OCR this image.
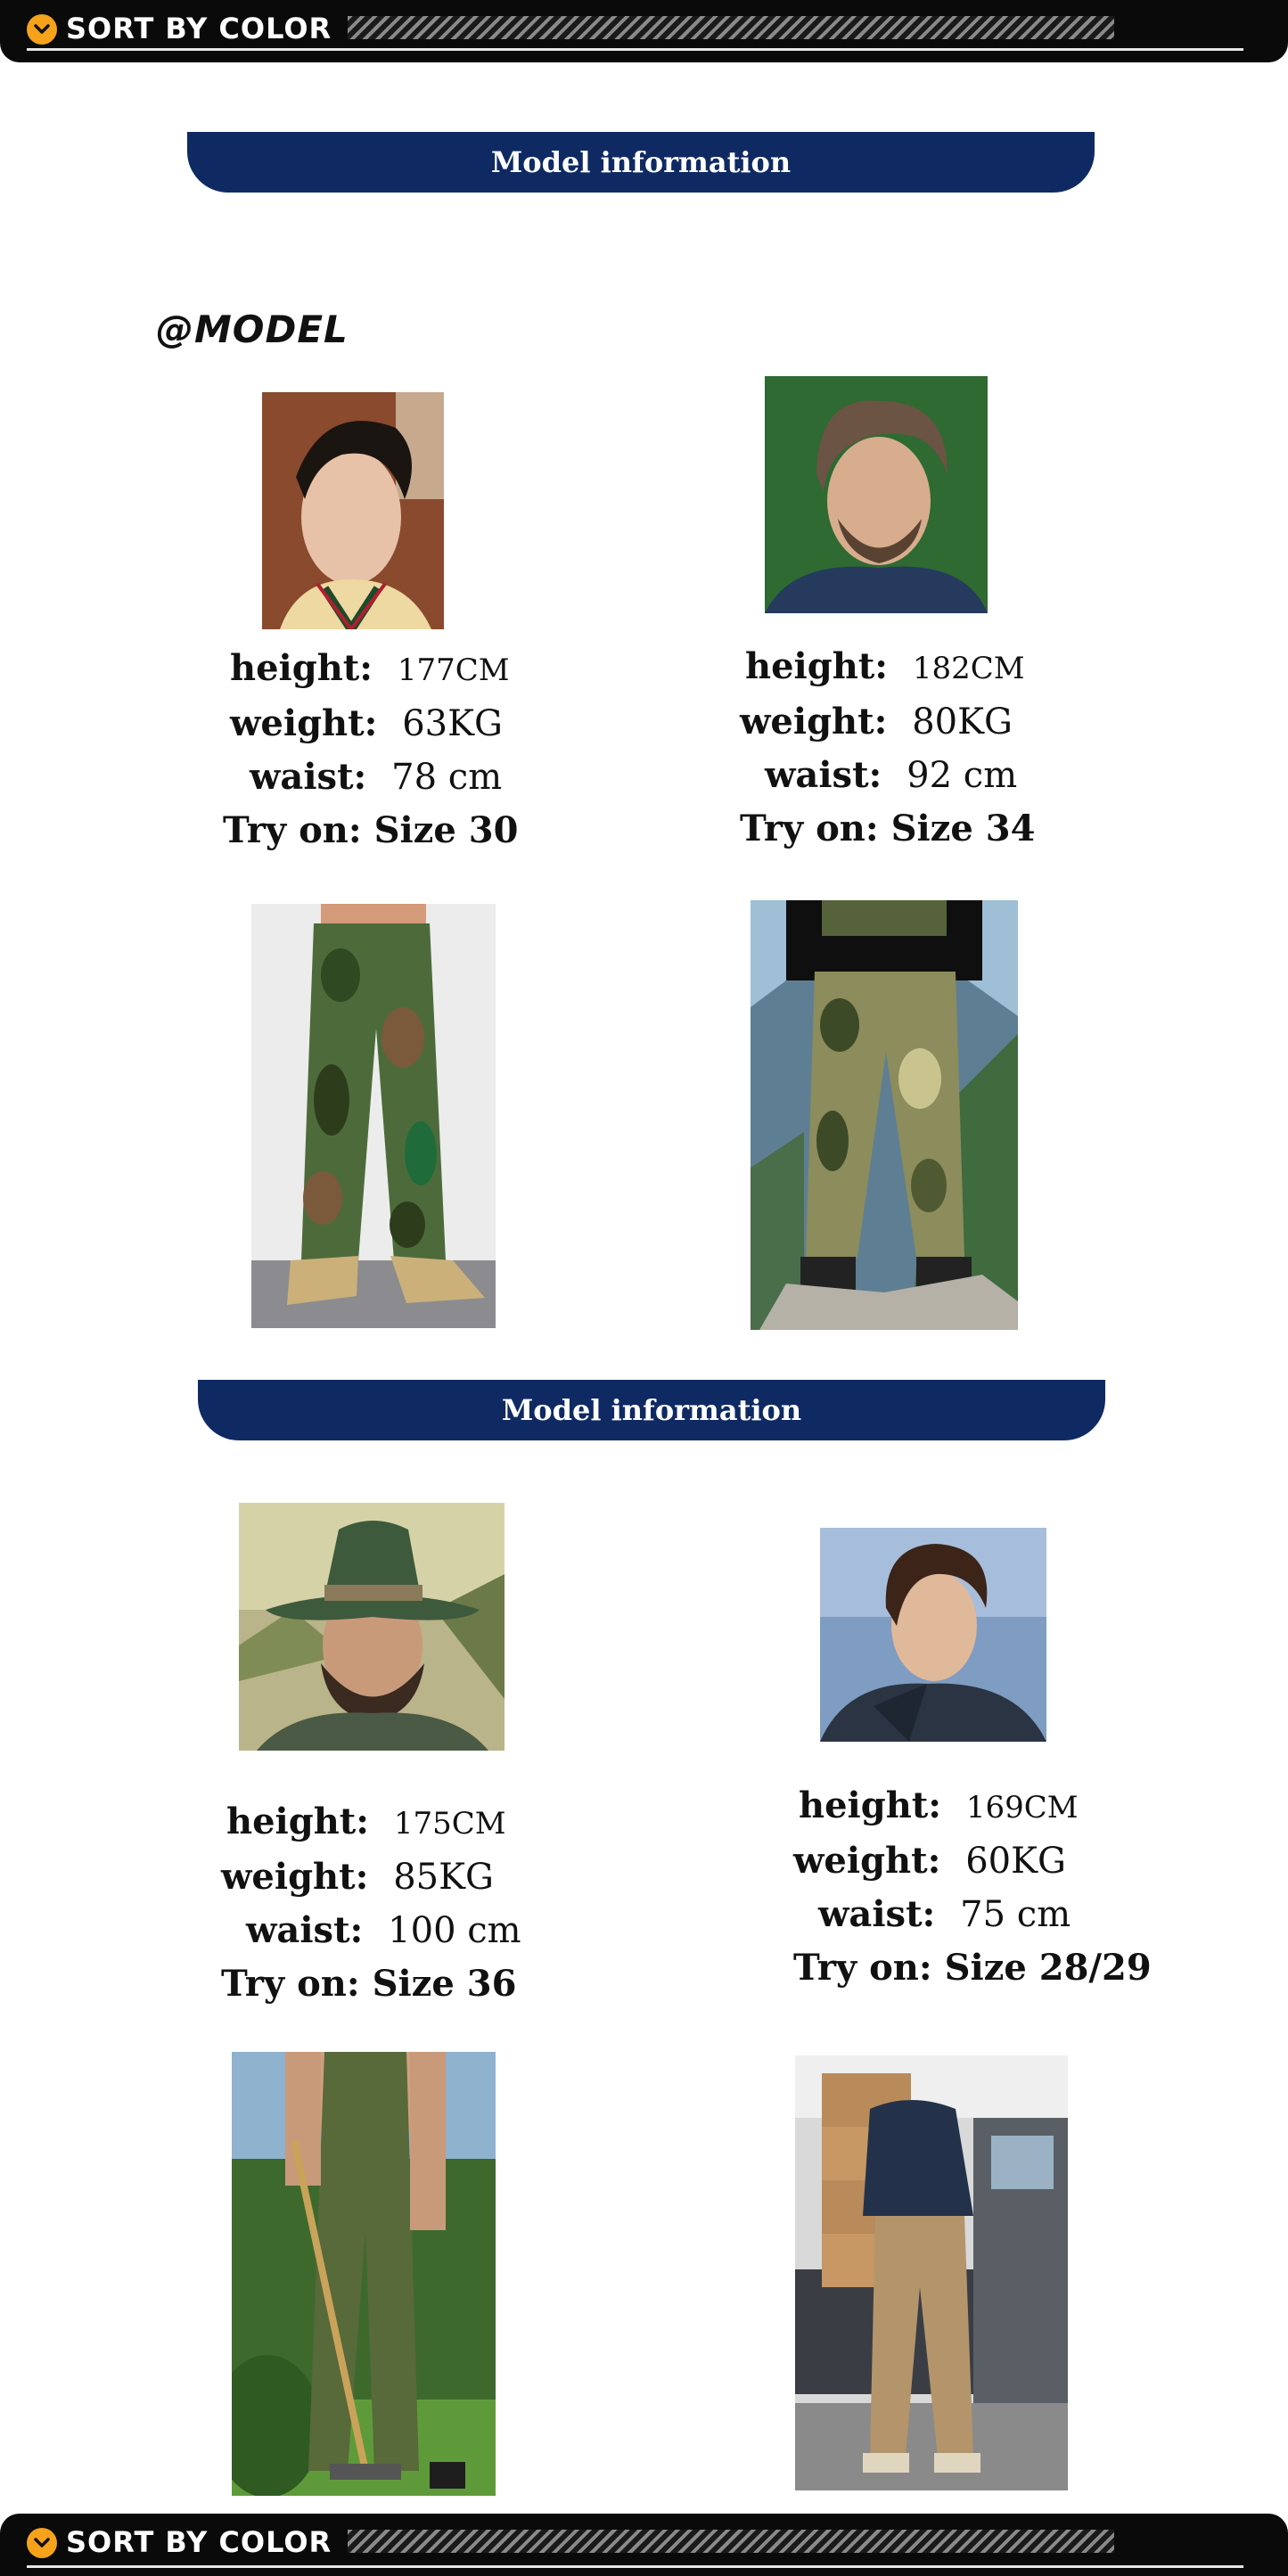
SORT BY COLOR
Model information
@MODEL
height: 177CM
weight: 63KG
waist: 78 cm
Try on: Size 30
height: 182CM
weight: 80KG
waist: 92 cm
Try on: Size 34
Model information
height: 175CM
weight: 85KG
waist: 100 cm
Try on: Size 36
height: 169CM
weight: 60KG
waist: 75 cm
Try on: Size 28/29
SORT BY COLOR
